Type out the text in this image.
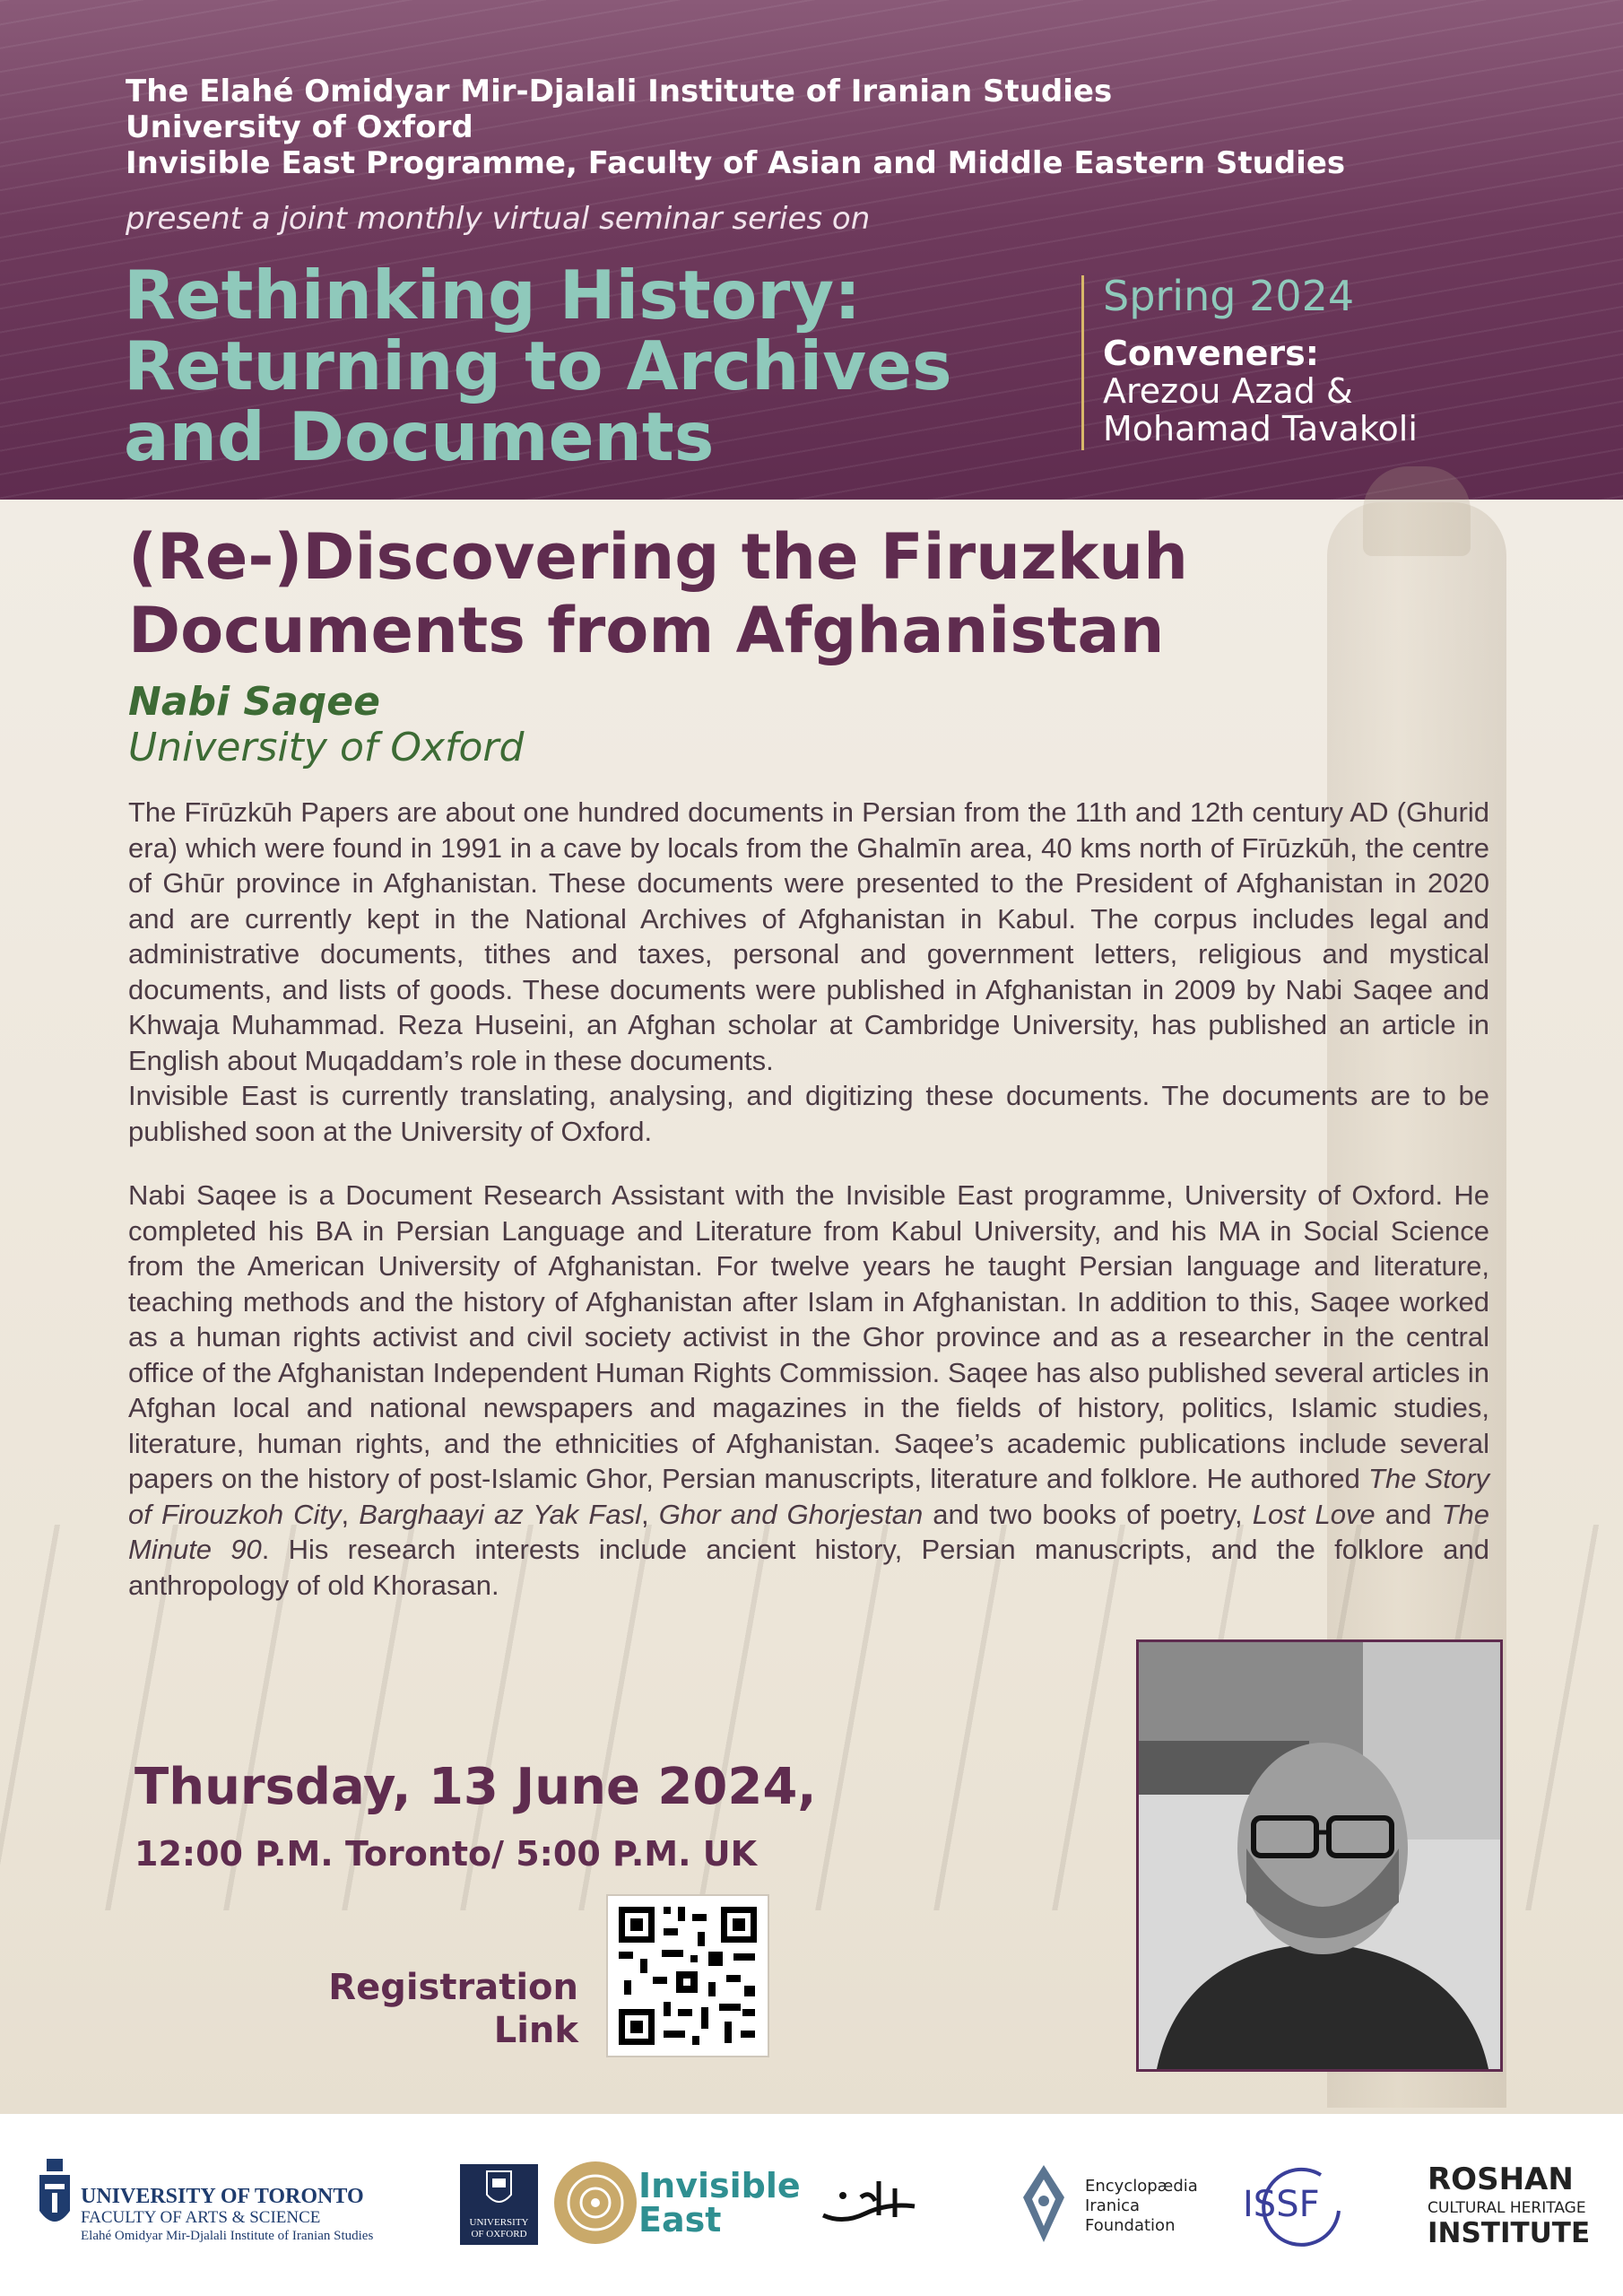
The Elahé Omidyar Mir-Djalali Institute of Iranian Studies
University of Oxford
Invisible East Programme, Faculty of Asian and Middle Eastern Studies
present a joint monthly virtual seminar series on
Rethinking History: Returning to Archives and Documents
Spring 2024
Conveners:
Arezou Azad &
Mohamad Tavakoli
(Re-)Discovering the Firuzkuh Documents from Afghanistan
Nabi Saqee
University of Oxford

The Fīrūzkūh Papers are about one hundred documents in Persian from the 11th and 12th century AD (Ghurid era) which were found in 1991 in a cave by locals from the Ghalmīn area, 40 kms north of Fīrūzkūh, the centre of Ghūr province in Afghanistan. These documents were presented to the President of Afghanistan in 2020 and are currently kept in the National Archives of Afghanistan in Kabul. The corpus includes legal and administrative documents, tithes and taxes, personal and government letters, religious and mystical documents, and lists of goods. These documents were published in Afghanistan in 2009 by Nabi Saqee and Khwaja Muhammad. Reza Huseini, an Afghan scholar at Cambridge University, has published an article in English about Muqaddam’s role in these documents.
Invisible East is currently translating, analysing, and digitizing these documents. The documents are to be published soon at the University of Oxford.

Nabi Saqee is a Document Research Assistant with the Invisible East programme, University of Oxford. He completed his BA in Persian Language and Literature from Kabul University, and his MA in Social Science from the American University of Afghanistan. For twelve years he taught Persian language and literature, teaching methods and the history of Afghanistan after Islam in Afghanistan. In addition to this, Saqee worked as a human rights activist and civil society activist in the Ghor province and as a researcher in the central office of the Afghanistan Independent Human Rights Commission. Saqee has also published several articles in Afghan local and national newspapers and magazines in the fields of history, politics, Islamic studies, literature, human rights, and the ethnicities of Afghanistan. Saqee’s academic publications include several papers on the history of post-Islamic Ghor, Persian manuscripts, literature and folklore. He authored The Story of Firouzkoh City, Barghaayi az Yak Fasl, Ghor and Ghorjestan and two books of poetry, Lost Love and The Minute 90. His research interests include ancient history, Persian manuscripts, and the folklore and anthropology of old Khorasan.

Thursday, 13 June 2024,
12:00 P.M. Toronto/ 5:00 P.M. UK
Registration Link
UNIVERSITY OF TORONTO
FACULTY OF ARTS & SCIENCE
Elahé Omidyar Mir-Djalali Institute of Iranian Studies
UNIVERSITY OF OXFORD
Invisible
East
Encyclopædia
Iranica
Foundation
ISSF
ROSHAN
CULTURAL HERITAGE
INSTITUTE
